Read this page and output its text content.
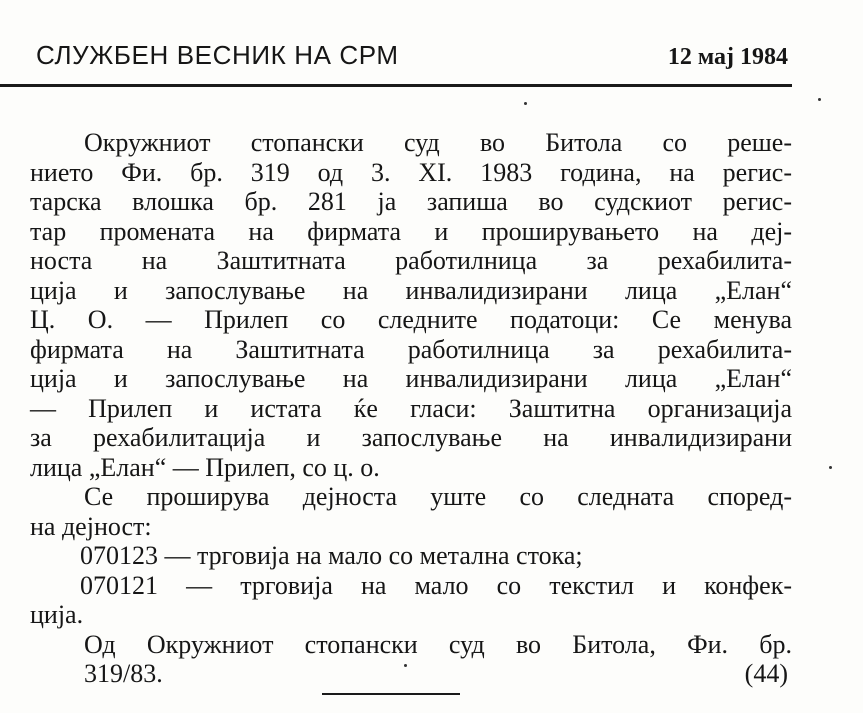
СЛУЖБЕН ВЕСНИК НА СРМ	12 мај 1984
Окружниот стопански суд во Битола со реше-
нието Фи. бр. 319 од 3. XI. 1983 година, на регис-
тарска влошка бр. 281 ја запиша во судскиот регис-
тар промената на фирмата и проширувањето на деј-
носта на Заштитната работилница за рехабилита-
ција и запослување на инвалидизирани лица „Елан“
Ц. О. — Прилеп со следните податоци: Се менува
фирмата на Заштитната работилница за рехабилита-
ција и запослување на инвалидизирани лица „Елан“
— Прилеп и истата ќе гласи: Заштитна организација
за рехабилитација и запослување на инвалидизирани
лица „Елан“ — Прилеп, со ц. о.
Се проширува дејноста уште со следната според-
на дејност:
070123 — трговија на мало со метална стока;
070121 — трговија на мало со текстил и конфек-
ција.
Од Окружниот стопански суд во Битола, Фи. бр.
319/83.	(44)
